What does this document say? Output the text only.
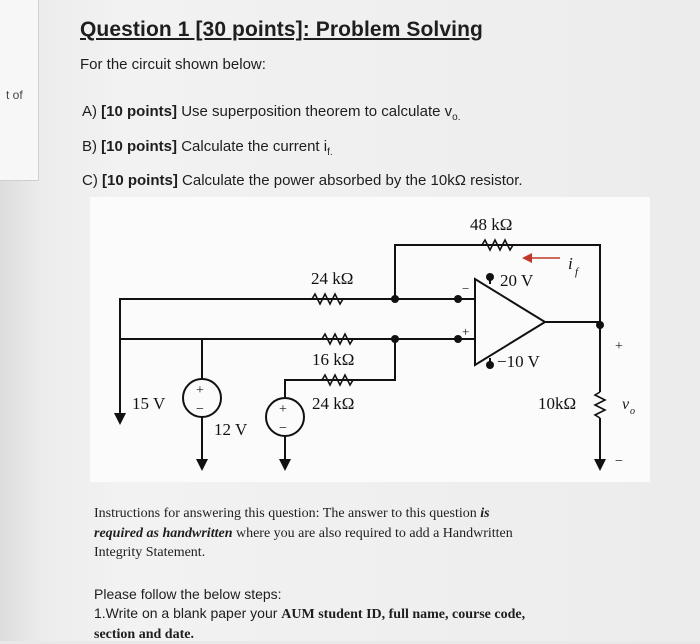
t of
Question 1 [30 points]: Problem Solving
For the circuit shown below:
A) [10 points] Use superposition theorem to calculate $v_{o.}$
B) [10 points] Calculate the current $i_{f.}$
C) [10 points] Calculate the power absorbed by the 10kΩ resistor.
48 kΩ
i f
24 kΩ
16 kΩ
24 kΩ
+
−
15 V	+
−
12 V
−
+
20 V
−10 V
10kΩ
+
v o
−
Instructions for answering this question: The answer to this question is
required as handwritten where you are also required to add a Handwritten
Integrity Statement.
Please follow the below steps:
1.Write on a blank paper your AUM student ID, full name, course code,
section and date.
